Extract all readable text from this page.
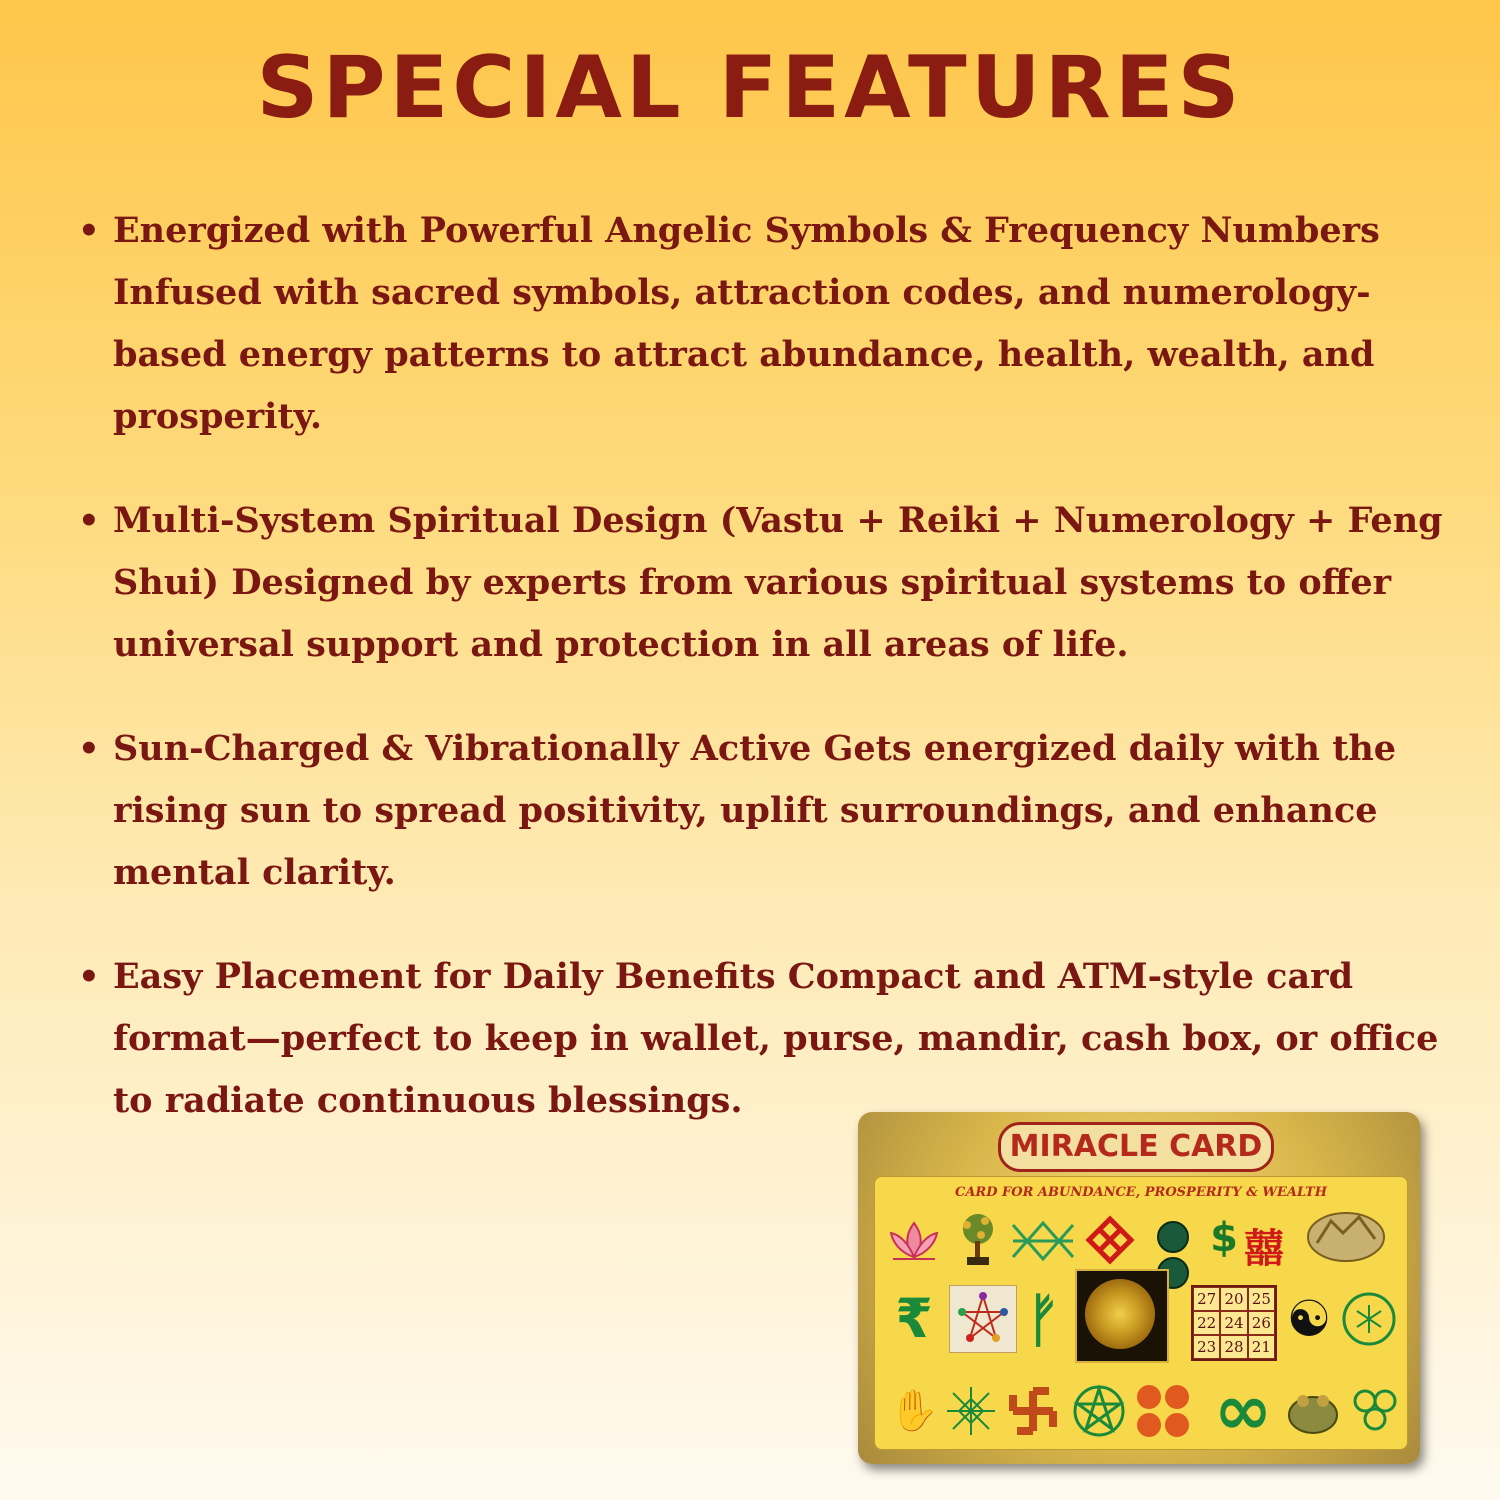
SPECIAL FEATURES
• Energized with Powerful Angelic Symbols & Frequency Numbers Infused with sacred symbols, attraction codes, and numerology-based energy patterns to attract abundance, health, wealth, and prosperity.
• Multi-System Spiritual Design (Vastu + Reiki + Numerology + Feng Shui) Designed by experts from various spiritual systems to offer universal support and protection in all areas of life.
• Sun-Charged & Vibrationally Active Gets energized daily with the rising sun to spread positivity, uplift surroundings, and enhance mental clarity.
• Easy Placement for Daily Benefits Compact and ATM-style card format—perfect to keep in wallet, purse, mandir, cash box, or office to radiate continuous blessings.
MIRACLE CARD
CARD FOR ABUNDANCE, PROSPERITY & WEALTH

$ 囍
₹ ᚠ	27 20 25
22 24 26
23 28 21 ☯
✋	∞
